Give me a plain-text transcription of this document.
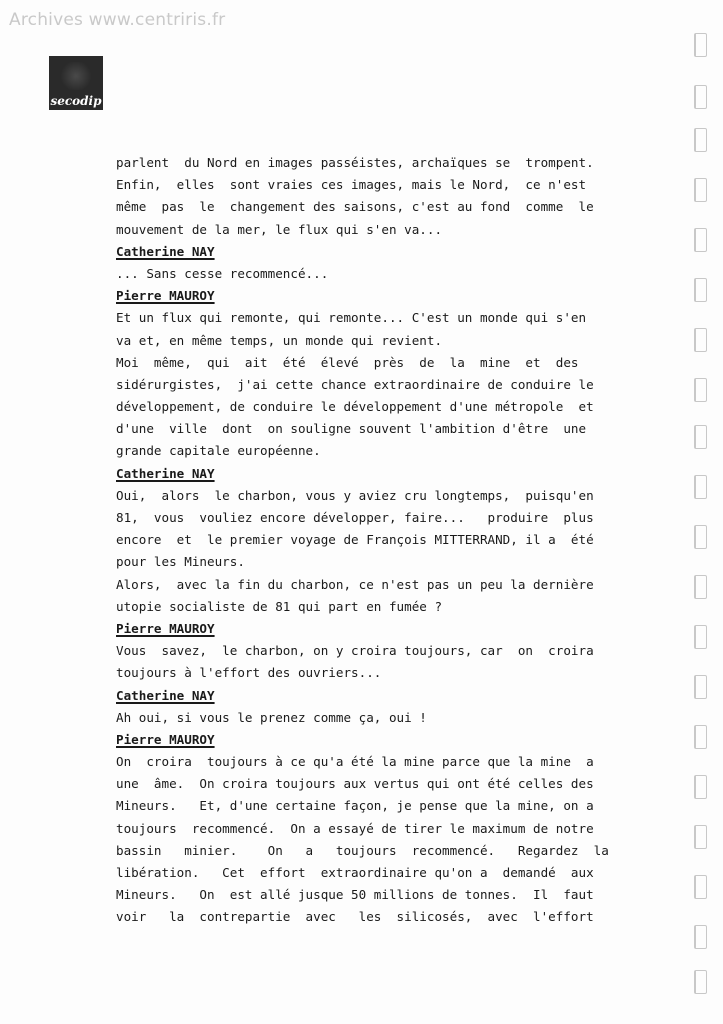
Archives www.centriris.fr
secodip
parlent  du Nord en images passéistes, archaïques se  trompent.
Enfin,  elles  sont vraies ces images, mais le Nord,  ce n'est
même  pas  le  changement des saisons, c'est au fond  comme  le
mouvement de la mer, le flux qui s'en va...
Catherine NAY
... Sans cesse recommencé...
Pierre MAUROY
Et un flux qui remonte, qui remonte... C'est un monde qui s'en
va et, en même temps, un monde qui revient.
Moi  même,  qui  ait  été  élevé  près  de  la  mine  et  des
sidérurgistes,  j'ai cette chance extraordinaire de conduire le
développement, de conduire le développement d'une métropole  et
d'une  ville  dont  on souligne souvent l'ambition d'être  une
grande capitale européenne.
Catherine NAY
Oui,  alors  le charbon, vous y aviez cru longtemps,  puisqu'en
81,  vous  vouliez encore développer, faire...   produire  plus
encore  et  le premier voyage de François MITTERRAND, il a  été
pour les Mineurs.
Alors,  avec la fin du charbon, ce n'est pas un peu la dernière
utopie socialiste de 81 qui part en fumée ?
Pierre MAUROY
Vous  savez,  le charbon, on y croira toujours, car  on  croira
toujours à l'effort des ouvriers...
Catherine NAY
Ah oui, si vous le prenez comme ça, oui !
Pierre MAUROY
On  croira  toujours à ce qu'a été la mine parce que la mine  a
une  âme.  On croira toujours aux vertus qui ont été celles des
Mineurs.   Et, d'une certaine façon, je pense que la mine, on a
toujours  recommencé.  On a essayé de tirer le maximum de notre
bassin   minier.    On   a   toujours  recommencé.   Regardez  la
libération.   Cet  effort  extraordinaire qu'on a  demandé  aux
Mineurs.   On  est allé jusque 50 millions de tonnes.  Il  faut
voir   la  contrepartie  avec   les  silicosés,  avec  l'effort
